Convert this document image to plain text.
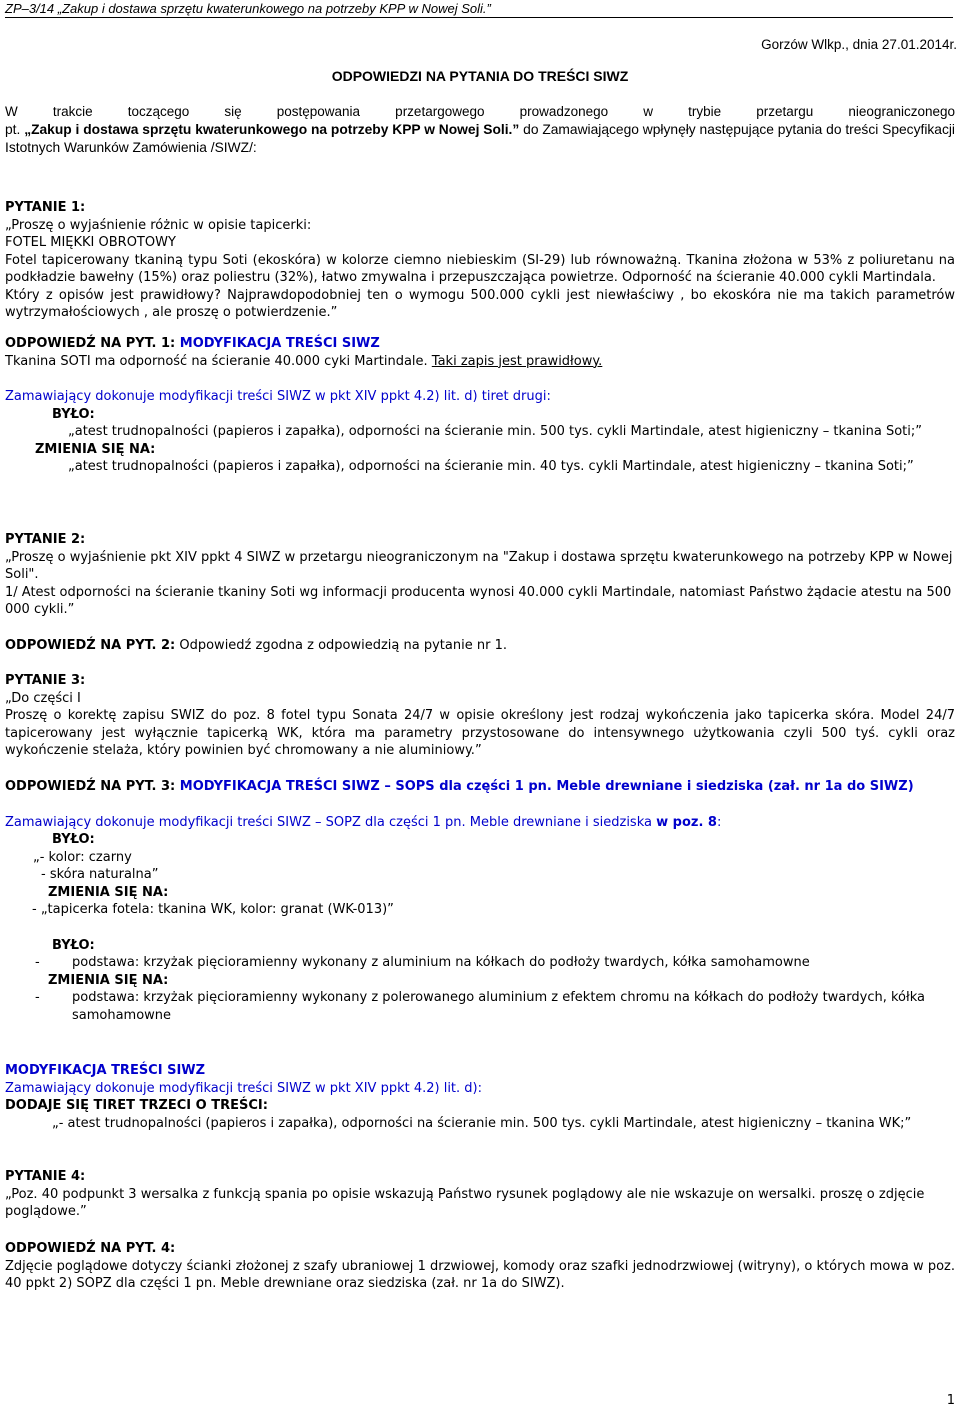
ZP–3/14 „Zakup i dostawa sprzętu kwaterunkowego na potrzeby KPP w Nowej Soli.”
Gorzów Wlkp., dnia 27.01.2014r.
ODPOWIEDZI NA PYTANIA DO TREŚCI SIWZ

W trakcie toczącego się postępowania przetargowego prowadzonego w trybie przetargu nieograniczonego

pt. „Zakup i dostawa sprzętu kwaterunkowego na potrzeby KPP w Nowej Soli.” do Zamawiającego wpłynęły następujące pytania do treści Specyfikacji Istotnych Warunków Zamówienia /SIWZ/:

PYTANIE 1:

„Proszę o wyjaśnienie różnic w opisie tapicerki:

FOTEL MIĘKKI OBROTOWY

Fotel tapicerowany tkaniną typu Soti (ekoskóra) w kolorze ciemno niebieskim (SI-29) lub równoważną. Tkanina złożona w 53% z poliuretanu na podkładzie bawełny (15%) oraz poliestru (32%), łatwo zmywalna i przepuszczająca powietrze. Odporność na ścieranie 40.000 cykli Martindala.

Który z opisów jest prawidłowy? Najprawdopodobniej ten o wymogu 500.000 cykli jest niewłaściwy , bo ekoskóra nie ma takich parametrów wytrzymałościowych , ale proszę o potwierdzenie.”

ODPOWIEDŹ NA PYT. 1: MODYFIKACJA TREŚCI SIWZ

Tkanina SOTI ma odporność na ścieranie 40.000 cyki Martindale. Taki zapis jest prawidłowy.

Zamawiający dokonuje modyfikacji treści SIWZ w pkt XIV ppkt 4.2) lit. d) tiret drugi:

BYŁO:

„atest trudnopalności (papieros i zapałka), odporności na ścieranie min. 500 tys. cykli Martindale, atest higieniczny – tkanina Soti;”

ZMIENIA SIĘ NA:

„atest trudnopalności (papieros i zapałka), odporności na ścieranie min. 40 tys. cykli Martindale, atest higieniczny – tkanina Soti;”

PYTANIE 2:

„Proszę o wyjaśnienie pkt XIV ppkt 4 SIWZ w przetargu nieograniczonym na "Zakup i dostawa sprzętu kwaterunkowego na potrzeby KPP w Nowej Soli".

1/ Atest odporności na ścieranie tkaniny Soti wg informacji producenta wynosi 40.000 cykli Martindale, natomiast Państwo żądacie atestu na 500 000 cykli.”

ODPOWIEDŹ NA PYT. 2: Odpowiedź zgodna z odpowiedzią na pytanie nr 1.

PYTANIE 3:

„Do części I

Proszę o korektę zapisu SWIZ do poz. 8 fotel typu Sonata 24/7 w opisie określony jest rodzaj wykończenia jako tapicerka skóra. Model 24/7 tapicerowany jest wyłącznie tapicerką WK, która ma parametry przystosowane do intensywnego użytkowania czyli 500 tyś. cykli oraz wykończenie stelaża, który powinien być chromowany a nie aluminiowy.”

ODPOWIEDŹ NA PYT. 3: MODYFIKACJA TREŚCI SIWZ – SOPS dla części 1 pn. Meble drewniane i siedziska (zał. nr 1a do SIWZ)

Zamawiający dokonuje modyfikacji treści SIWZ – SOPZ dla części 1 pn. Meble drewniane i siedziska w poz. 8:

BYŁO:

„- kolor: czarny

- skóra naturalna”

ZMIENIA SIĘ NA:

- „tapicerka fotela: tkanina WK, kolor: granat (WK-013)”

BYŁO:

- podstawa: krzyżak pięcioramienny wykonany z aluminium na kółkach do podłoży twardych, kółka samohamowne

ZMIENIA SIĘ NA:

- podstawa: krzyżak pięcioramienny wykonany z polerowanego aluminium z efektem chromu na kółkach do podłoży twardych, kółka samohamowne

MODYFIKACJA TREŚCI SIWZ

Zamawiający dokonuje modyfikacji treści SIWZ w pkt XIV ppkt 4.2) lit. d):

DODAJE SIĘ TIRET TRZECI O TREŚCI:

„- atest trudnopalności (papieros i zapałka), odporności na ścieranie min. 500 tys. cykli Martindale, atest higieniczny – tkanina WK;”

PYTANIE 4:

„Poz. 40 podpunkt 3 wersalka z funkcją spania po opisie wskazują Państwo rysunek poglądowy ale nie wskazuje on wersalki. proszę o zdjęcie poglądowe.”

ODPOWIEDŹ NA PYT. 4:

Zdjęcie poglądowe dotyczy ścianki złożonej z szafy ubraniowej 1 drzwiowej, komody oraz szafki jednodrzwiowej (witryny), o których mowa w poz. 40 ppkt 2) SOPZ dla części 1 pn. Meble drewniane oraz siedziska (zał. nr 1a do SIWZ).

1
